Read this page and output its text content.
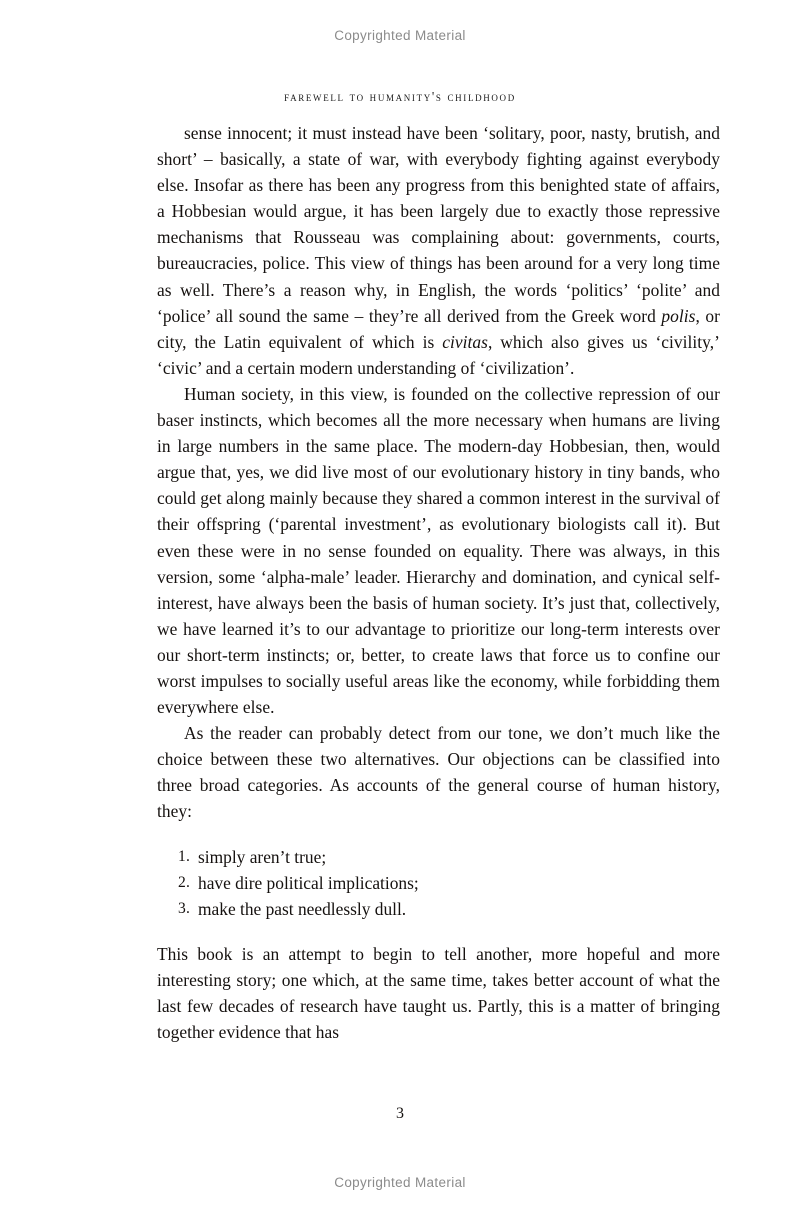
Copyrighted Material
farewell to humanity's childhood

sense innocent; it must instead have been ‘solitary, poor, nasty, brutish, and short’ – basically, a state of war, with everybody fighting against everybody else. Insofar as there has been any progress from this benighted state of affairs, a Hobbesian would argue, it has been largely due to exactly those repressive mechanisms that Rousseau was complaining about: governments, courts, bureaucracies, police. This view of things has been around for a very long time as well. There’s a reason why, in English, the words ‘politics’ ‘polite’ and ‘police’ all sound the same – they’re all derived from the Greek word polis, or city, the Latin equivalent of which is civitas, which also gives us ‘civility,’ ‘civic’ and a certain modern understanding of ‘civilization’.

Human society, in this view, is founded on the collective repression of our baser instincts, which becomes all the more necessary when humans are living in large numbers in the same place. The modern-day Hobbesian, then, would argue that, yes, we did live most of our evolutionary history in tiny bands, who could get along mainly because they shared a common interest in the survival of their offspring (‘parental investment’, as evolutionary biologists call it). But even these were in no sense founded on equality. There was always, in this version, some ‘alpha-male’ leader. Hierarchy and domination, and cynical self-interest, have always been the basis of human society. It’s just that, collectively, we have learned it’s to our advantage to prioritize our long-term interests over our short-term instincts; or, better, to create laws that force us to confine our worst impulses to socially useful areas like the economy, while forbidding them everywhere else.

As the reader can probably detect from our tone, we don’t much like the choice between these two alternatives. Our objections can be classified into three broad categories. As accounts of the general course of human history, they:

1. simply aren’t true;
2. have dire political implications;
3. make the past needlessly dull.

This book is an attempt to begin to tell another, more hopeful and more interesting story; one which, at the same time, takes better account of what the last few decades of research have taught us. Partly, this is a matter of bringing together evidence that has

3
Copyrighted Material
